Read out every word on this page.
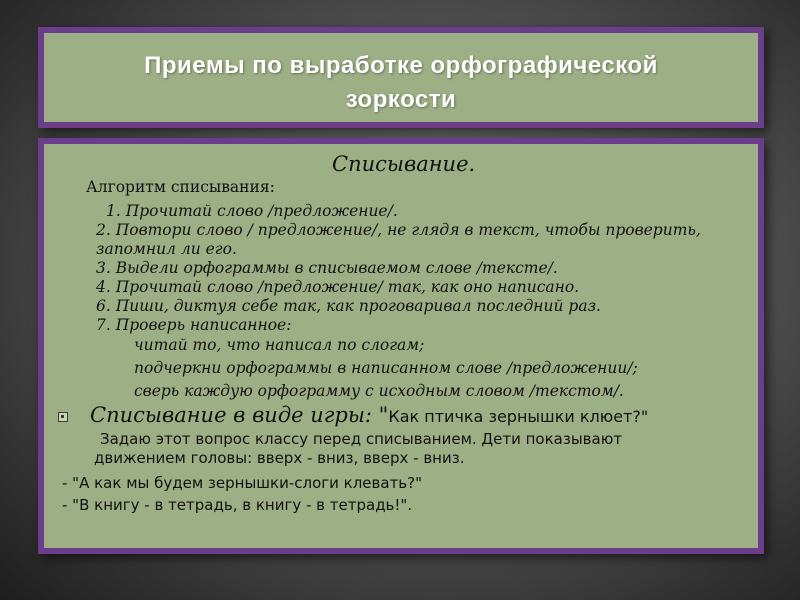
Приемы по выработке орфографической
зоркости
Списывание.
Алгоритм списывания:
1. Прочитай слово /предложение/.
2. Повтори слово / предложение/, не глядя в текст, чтобы проверить,
запомнил ли его.
3. Выдели орфограммы в списываемом слове /тексте/.
4. Прочитай слово /предложение/ так, как оно написано.
6. Пиши, диктуя себе так, как проговаривал последний раз.
7. Проверь написанное:
читай то, что написал по слогам;
подчеркни орфограммы в написанном слове /предложении/;
сверь каждую орфограмму с исходным словом /текстом/.
Списывание в виде игры: "Как птичка зернышки клюет?"
Задаю этот вопрос классу перед списыванием. Дети показывают
движением головы: вверх - вниз, вверх - вниз.
- "А как мы будем зернышки-слоги клевать?"
- "В книгу - в тетрадь, в книгу - в тетрадь!".
